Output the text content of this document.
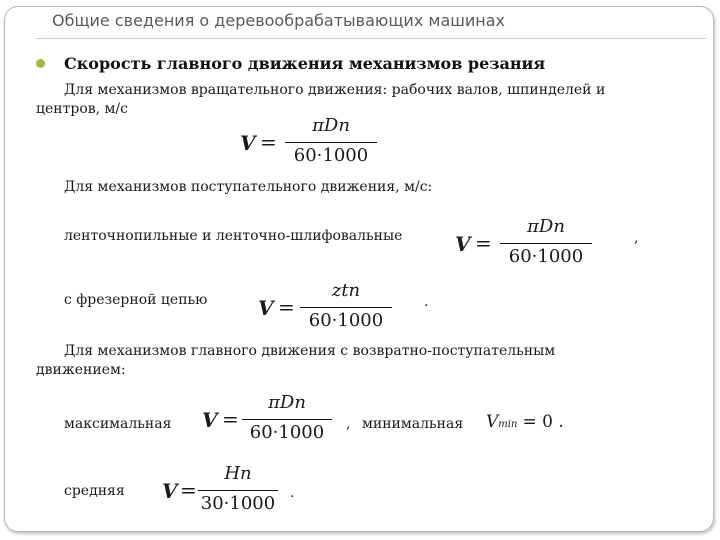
Общие сведения о деревообрабатывающих машинах
Скорость главного движения механизмов резания
Для механизмов вращательного движения: рабочих валов, шпинделей и
центров, м/с
V =
πDn
60·1000
Для механизмов поступательного движения, м/с:
ленточнопильные и ленточно-шлифовальные	V =
πDn
60·1000
,
с фрезерной цепью	V =
ztn
60·1000
.
Для механизмов главного движения с возвратно-поступательным
движением:
максимальная V =
πDn
60·1000	, минимальная Vmin = 0 .
средняя V =
Hn
30·1000 .
